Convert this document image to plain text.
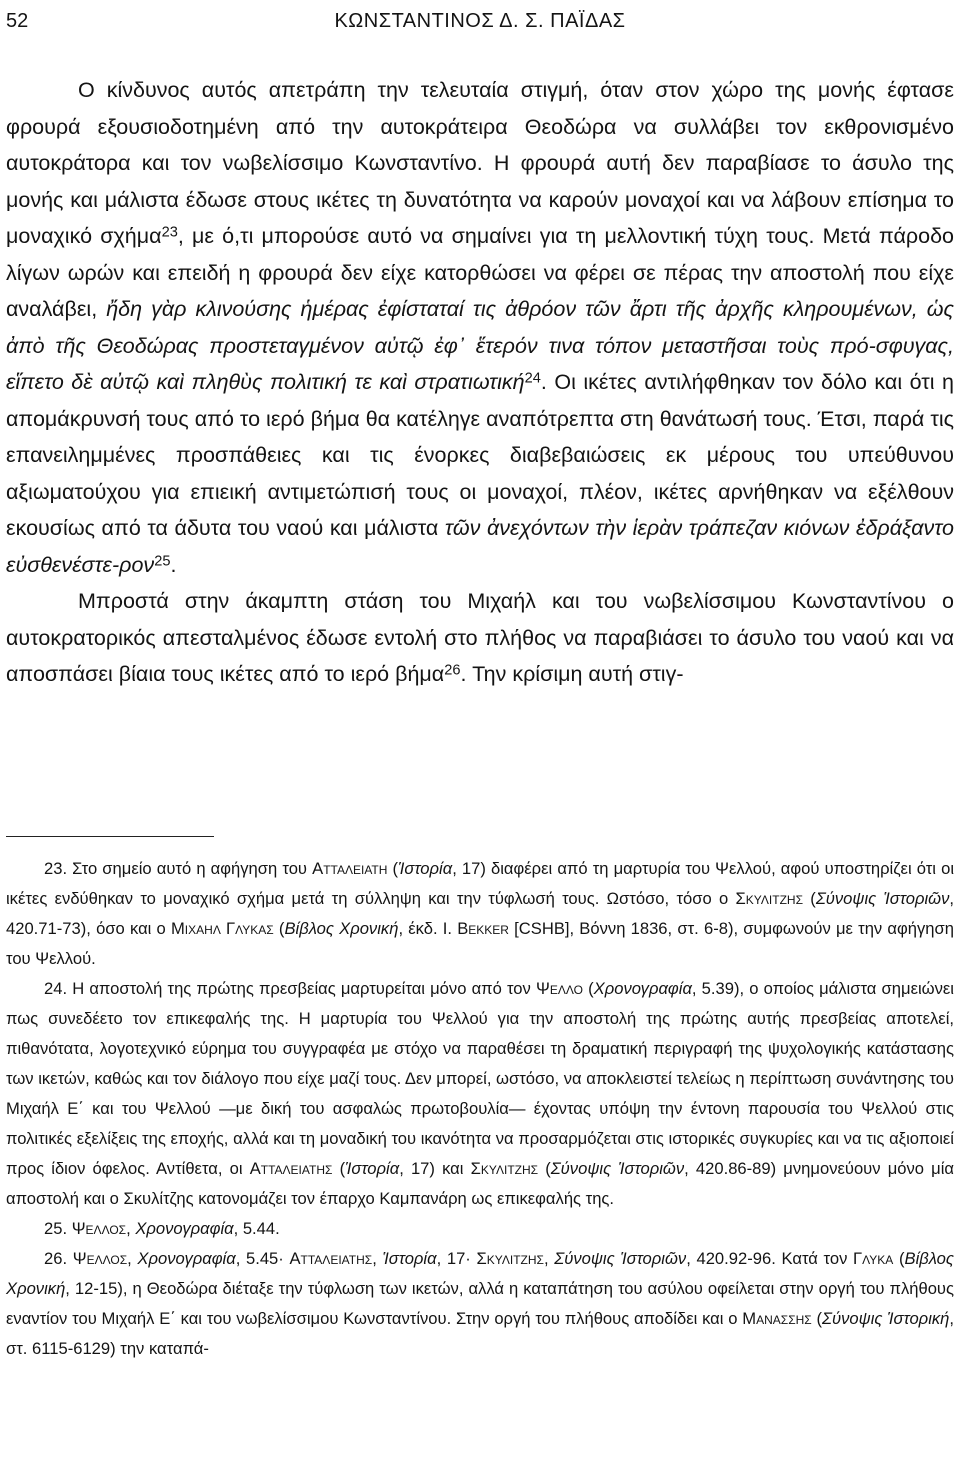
52	ΚΩΝΣΤΑΝΤΙΝΟΣ Δ. Σ. ΠΑΪΔΑΣ

Ο κίνδυνος αυτός απετράπη την τελευταία στιγμή, όταν στον χώρο της μονής έφτασε φρουρά εξουσιοδοτημένη από την αυτοκράτειρα Θεοδώρα να συλλάβει τον εκθρονισμένο αυτοκράτορα και τον νωβελίσσιμο Κωνσταντίνο. Η φρουρά αυτή δεν παραβίασε το άσυλο της μονής και μάλιστα έδωσε στους ικέτες τη δυνατότητα να καρούν μοναχοί και να λάβουν επίσημα το μοναχικό σχήμα$^{23}$, με ό,τι μπορούσε αυτό να σημαίνει για τη μελλοντική τύχη τους. Μετά πάροδο λίγων ωρών και επειδή η φρουρά δεν είχε κατορθώσει να φέρει σε πέρας την αποστολή που είχε αναλάβει, ἤδη γὰρ κλινούσης ἡμέρας ἐφίσταταί τις ἀθρόον τῶν ἄρτι τῆς ἀρχῆς κληρουμένων, ὡς ἀπὸ τῆς Θεοδώρας προστεταγμένον αὐτῷ ἐφ᾽ ἕτερόν τινα τόπον μεταστῆσαι τοὺς πρό-σφυγας, εἵπετο δὲ αὐτῷ καὶ πληθὺς πολιτική τε καὶ στρατιωτική$^{24}$. Οι ικέτες αντιλήφθηκαν τον δόλο και ότι η απομάκρυνσή τους από το ιερό βήμα θα κατέληγε αναπότρεπτα στη θανάτωσή τους. Έτσι, παρά τις επανειλημμένες προσπάθειες και τις ένορκες διαβεβαιώσεις εκ μέρους του υπεύθυνου αξιωματούχου για επιεική αντιμετώπισή τους οι μοναχοί, πλέον, ικέτες αρνήθηκαν να εξέλθουν εκουσίως από τα άδυτα του ναού και μάλιστα τῶν ἀνεχόντων τὴν ἱερὰν τράπεζαν κιόνων ἐδράξαντο εὐσθενέστε-ρον$^{25}$.

Μπροστά στην άκαμπτη στάση του Μιχαήλ και του νωβελίσσιμου Κωνσταντίνου ο αυτοκρατορικός απεσταλμένος έδωσε εντολή στο πλήθος να παραβιάσει το άσυλο του ναού και να αποσπάσει βίαια τους ικέτες από το ιερό βήμα$^{26}$. Την κρίσιμη αυτή στιγ-

23. Στο σημείο αυτό η αφήγηση του Ατταλειατη (Ἱστορία, 17) διαφέρει από τη μαρτυρία του Ψελλού, αφού υποστηρίζει ότι οι ικέτες ενδύθηκαν το μοναχικό σχήμα μετά τη σύλληψη και την τύφλωσή τους. Ωστόσο, τόσο ο Σκυλιτζης (Σύνοψις Ἱστοριῶν, 420.71-73), όσο και ο Μιχαηλ Γλυκας (Βίβλος Χρονική, έκδ. Ι. Bekker [CSHB], Βόννη 1836, στ. 6-8), συμφωνούν με την αφήγηση του Ψελλού.

24. Η αποστολή της πρώτης πρεσβείας μαρτυρείται μόνο από τον Ψελλο (Χρονογραφία, 5.39), ο οποίος μάλιστα σημειώνει πως συνεδέετο τον επικεφαλής της. Η μαρτυρία του Ψελλού για την αποστολή της πρώτης αυτής πρεσβείας αποτελεί, πιθανότατα, λογοτεχνικό εύρημα του συγγραφέα με στόχο να παραθέσει τη δραματική περιγραφή της ψυχολογικής κατάστασης των ικετών, καθώς και τον διάλογο που είχε μαζί τους. Δεν μπορεί, ωστόσο, να αποκλειστεί τελείως η περίπτωση συνάντησης του Μιχαήλ Ε΄ και του Ψελλού —με δική του ασφαλώς πρωτοβουλία— έχοντας υπόψη την έντονη παρουσία του Ψελλού στις πολιτικές εξελίξεις της εποχής, αλλά και τη μοναδική του ικανότητα να προσαρμόζεται στις ιστορικές συγκυρίες και να τις αξιοποιεί προς ίδιον όφελος. Αντίθετα, οι Ατταλειατης (Ἱστορία, 17) και Σκυλιτζης (Σύνοψις Ἱστοριῶν, 420.86-89) μνημονεύουν μόνο μία αποστολή και ο Σκυλίτζης κατονομάζει τον έπαρχο Καμπανάρη ως επικεφαλής της.

25. Ψελλος, Χρονογραφία, 5.44.

26. Ψελλος, Χρονογραφία, 5.45· Ατταλειατης, Ἱστορία, 17· Σκυλιτζης, Σύνοψις Ἱστοριῶν, 420.92-96. Κατά τον Γλυκα (Βίβλος Χρονική, 12-15), η Θεοδώρα διέταξε την τύφλωση των ικετών, αλλά η καταπάτηση του ασύλου οφείλεται στην οργή του πλήθους εναντίον του Μιχαήλ Ε΄ και του νωβελίσσιμου Κωνσταντίνου. Στην οργή του πλήθους αποδίδει και ο Μανασσης (Σύνοψις Ἱστορική, στ. 6115-6129) την καταπά-
